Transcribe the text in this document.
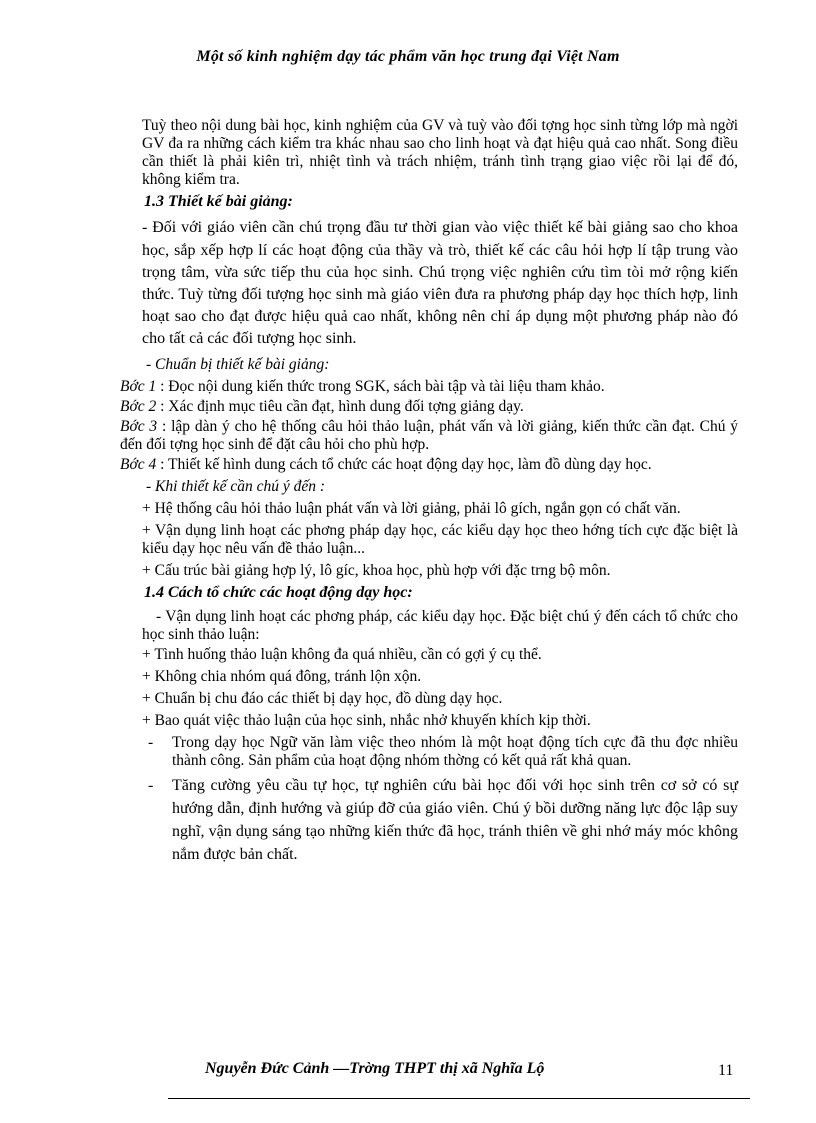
Một số kinh nghiệm dạy tác phẩm văn học trung đại Việt Nam

Tuỳ theo nội dung bài học, kinh nghiệm của GV và tuỳ vào đối tợng học sinh từng lớp mà ngời GV đa ra những cách kiểm tra khác nhau sao cho linh hoạt và đạt hiệu quả cao nhất. Song điều cần thiết là phải kiên trì, nhiệt tình và trách nhiệm, tránh tình trạng giao việc rồi lại để đó, không kiểm tra.

1.3 Thiết kế bài giảng:

- Đối với giáo viên cần chú trọng đầu tư thời gian vào việc thiết kế bài giảng sao cho khoa học, sắp xếp hợp lí các hoạt động của thầy và trò, thiết kế các câu hỏi hợp lí tập trung vào trọng tâm, vừa sức tiếp thu của học sinh. Chú trọng việc nghiên cứu tìm tòi mở rộng kiến thức. Tuỳ từng đối tượng học sinh mà giáo viên đưa ra phương pháp dạy học thích hợp, linh hoạt sao cho đạt được hiệu quả cao nhất, không nên chỉ áp dụng một phương pháp nào đó cho tất cả các đối tượng học sinh.

- Chuẩn bị thiết kế bài giảng:
Bớc 1 : Đọc nội dung kiến thức trong SGK, sách bài tập và tài liệu tham khảo.
Bớc 2 : Xác định mục tiêu cần đạt, hình dung đối tợng giảng dạy.
Bớc 3 : lập dàn ý cho hệ thống câu hỏi thảo luận, phát vấn và lời giảng, kiến thức cần đạt. Chú ý đến đối tợng học sinh để đặt câu hỏi cho phù hợp.
Bớc 4 : Thiết kế hình dung cách tổ chức các hoạt động dạy học, làm đồ dùng dạy học.
- Khi thiết kế cần chú ý đến :
+ Hệ thống câu hỏi thảo luận phát vấn và lời giảng, phải lô gích, ngắn gọn có chất văn.
+ Vận dụng linh hoạt các phơng pháp dạy học, các kiểu dạy học theo hớng tích cực đặc biệt là kiểu dạy học nêu vấn đề thảo luận...
+ Cấu trúc bài giảng hợp lý, lô gíc, khoa học, phù hợp với đặc trng bộ môn.
1.4 Cách tổ chức các hoạt động dạy học:

- Vận dụng linh hoạt các phơng pháp, các kiểu dạy học. Đặc biệt chú ý đến cách tổ chức cho học sinh thảo luận:

+ Tình huống thảo luận không đa quá nhiều, cần có gợi ý cụ thể.
+ Không chia nhóm quá đông, tránh lộn xộn.
+ Chuẩn bị chu đáo các thiết bị dạy học, đồ dùng dạy học.
+ Bao quát việc thảo luận của học sinh, nhắc nhở khuyến khích kịp thời.
- Trong dạy học Ngữ văn làm việc theo nhóm là một hoạt động tích cực đã thu đợc nhiều thành công. Sản phẩm của hoạt động nhóm thờng có kết quả rất khả quan.
- Tăng cường yêu cầu tự học, tự nghiên cứu bài học đối với học sinh trên cơ sở có sự hướng dẫn, định hướng và giúp đỡ của giáo viên. Chú ý bồi dưỡng năng lực độc lập suy nghĩ, vận dụng sáng tạo những kiến thức đã học, tránh thiên về ghi nhớ máy móc không nắm được bản chất.
Nguyễn Đức Cảnh —Trờng THPT thị xã Nghĩa Lộ	11
